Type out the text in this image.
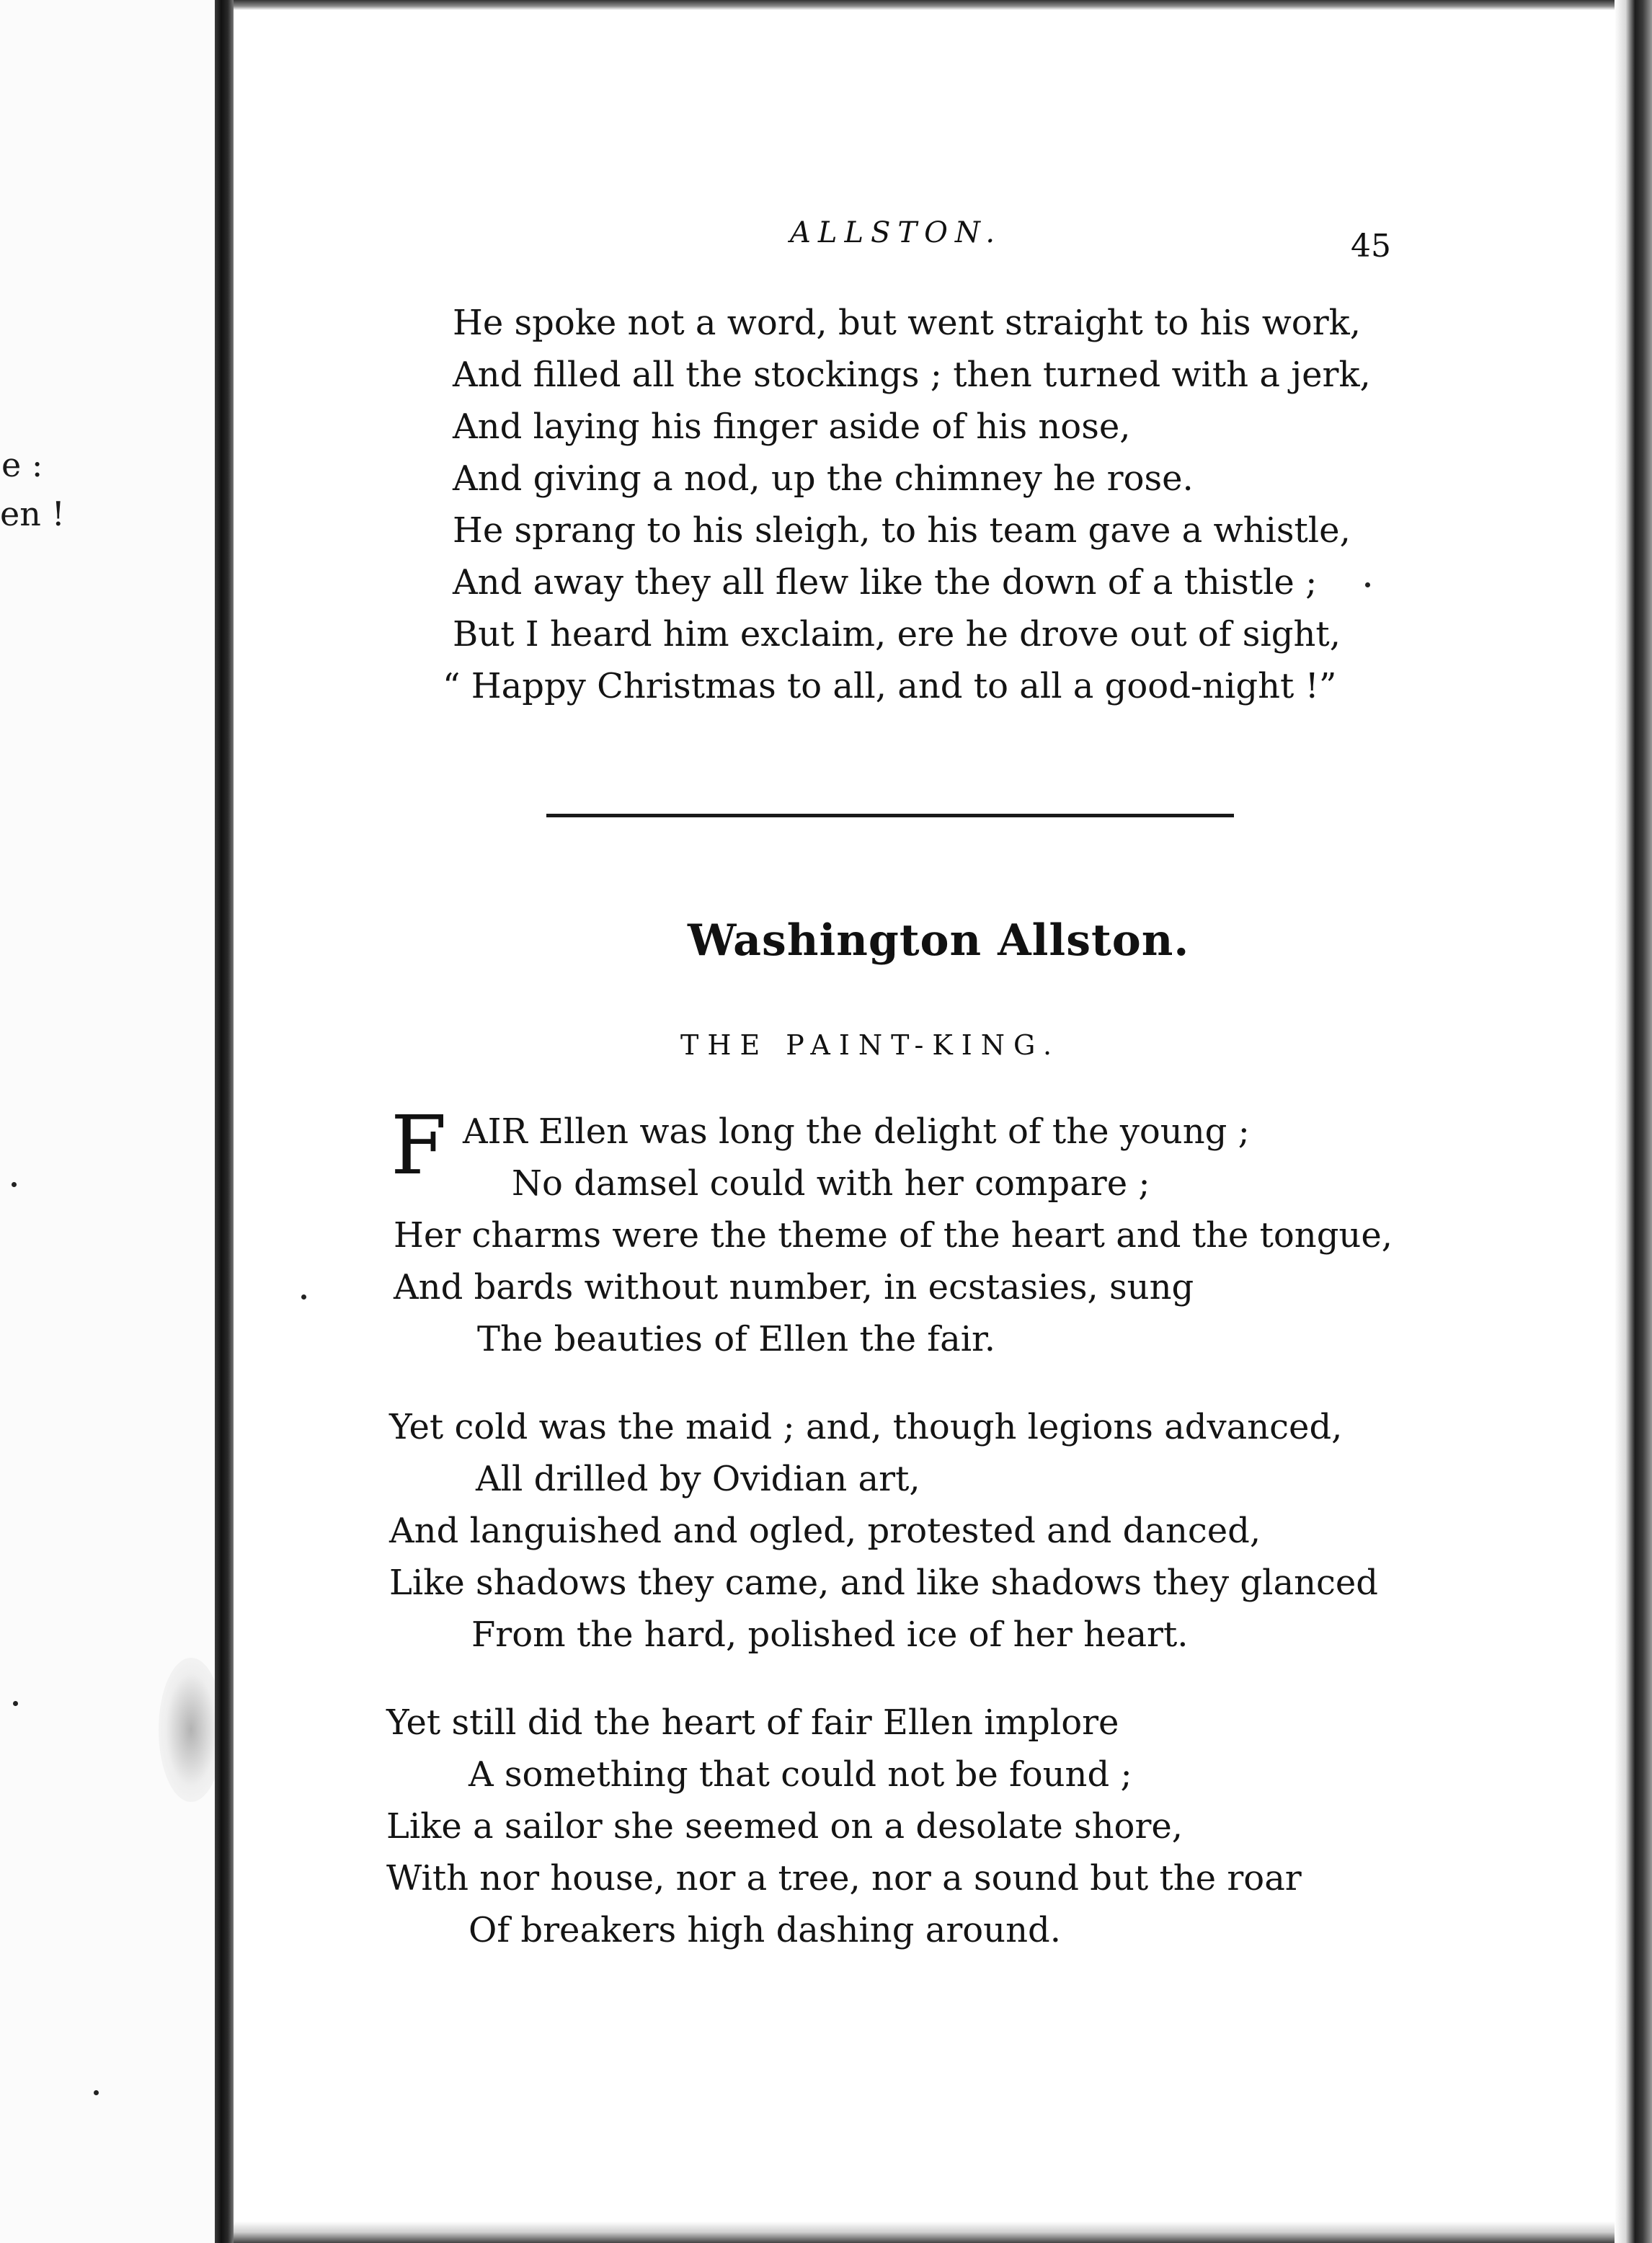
e :
en !
ALLSTON.	45
He spoke not a word, but went straight to his work,
And filled all the stockings ; then turned with a jerk,
And laying his finger aside of his nose,
And giving a nod, up the chimney he rose.
He sprang to his sleigh, to his team gave a whistle,
And away they all flew like the down of a thistle ;
But I heard him exclaim, ere he drove out of sight,
“ Happy Christmas to all, and to all a good-night !”
Washington Allston.
THE PAINT-KING.
F AIR Ellen was long the delight of the young ;
No damsel could with her compare ;
Her charms were the theme of the heart and the tongue,
And bards without number, in ecstasies, sung
The beauties of Ellen the fair.
Yet cold was the maid ; and, though legions advanced,
All drilled by Ovidian art,
And languished and ogled, protested and danced,
Like shadows they came, and like shadows they glanced
From the hard, polished ice of her heart.
Yet still did the heart of fair Ellen implore
A something that could not be found ;
Like a sailor she seemed on a desolate shore,
With nor house, nor a tree, nor a sound but the roar
Of breakers high dashing around.
